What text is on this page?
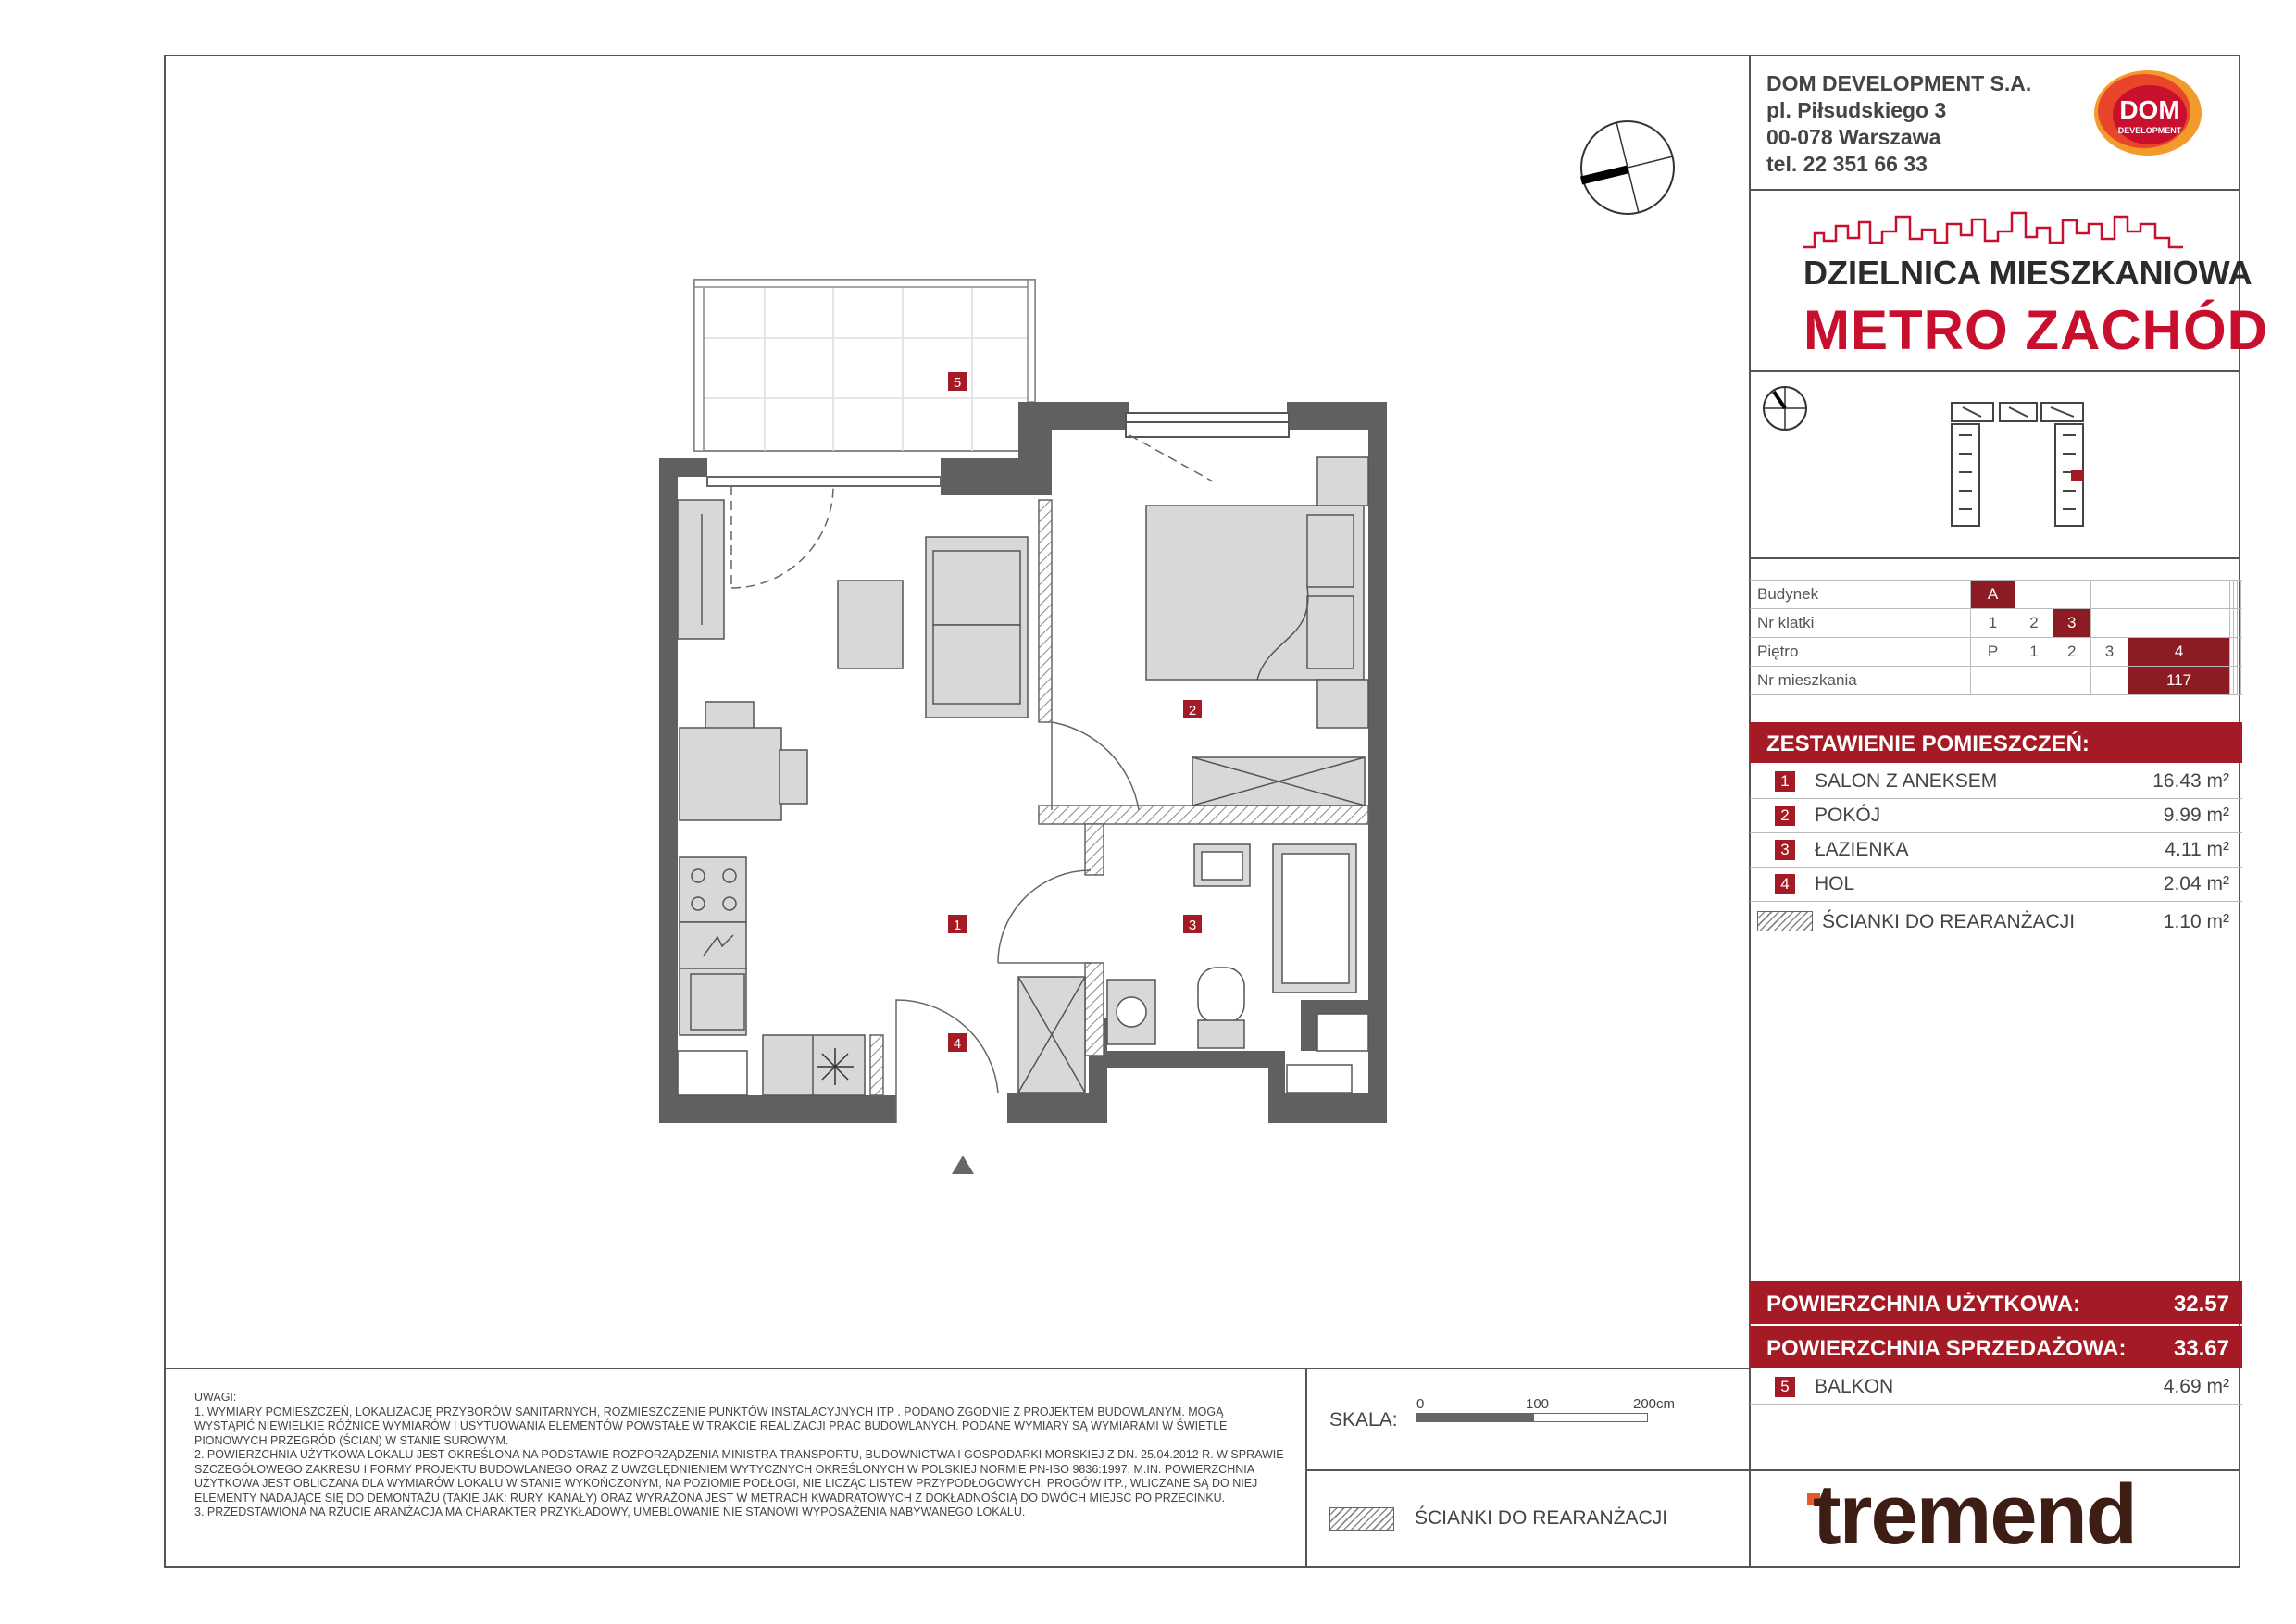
DOM DEVELOPMENT S.A.
pl. Piłsudskiego 3
00-078 Warszawa
tel. 22 351 66 33
DOM
DEVELOPMENT
DZIELNICA MIESZKANIOWA
METRO ZACHÓD
Budynek	A								
Nr klatki	1	2	3						
Piętro	P	1	2	3	4				
Nr mieszkania					117				
ZESTAWIENIE POMIESZCZEŃ:
1 SALON Z ANEKSEM	16.43 m²
2 POKÓJ	9.99 m²
3 ŁAZIENKA	4.11 m²
4 HOL	2.04 m²
ŚCIANKI DO REARANŻACJI	1.10 m²
POWIERZCHNIA UŻYTKOWA:	32.57
POWIERZCHNIA SPRZEDAŻOWA: 33.67
5 BALKON	4.69 m²
5
2
1	3
4

UWAGI:

1. WYMIARY POMIESZCZEŃ, LOKALIZACJĘ PRZYBORÓW SANITARNYCH, ROZMIESZCZENIE PUNKTÓW INSTALACYJNYCH ITP . PODANO ZGODNIE Z PROJEKTEM BUDOWLANYM. MOGĄ WYSTĄPIĆ NIEWIELKIE RÓŻNICE WYMIARÓW I USYTUOWANIA ELEMENTÓW POWSTAŁE W TRAKCIE REALIZACJI PRAC BUDOWLANYCH. PODANE WYMIARY SĄ WYMIARAMI W ŚWIETLE PIONOWYCH PRZEGRÓD (ŚCIAN) W STANIE SUROWYM.

2. POWIERZCHNIA UŻYTKOWA LOKALU JEST OKREŚLONA NA PODSTAWIE ROZPORZĄDZENIA MINISTRA TRANSPORTU, BUDOWNICTWA I GOSPODARKI MORSKIEJ Z DN. 25.04.2012 R. W SPRAWIE SZCZEGÓŁOWEGO ZAKRESU I FORMY PROJEKTU BUDOWLANEGO ORAZ Z UWZGLĘDNIENIEM WYTYCZNYCH OKREŚLONYCH W POLSKIEJ NORMIE PN-ISO 9836:1997, M.IN. POWIERZCHNIA UŻYTKOWA JEST OBLICZANA DLA WYMIARÓW LOKALU W STANIE WYKOŃCZONYM, NA POZIOMIE PODŁOGI, NIE LICZĄC LISTEW PRZYPODŁOGOWYCH, PROGÓW ITP., WLICZANE SĄ DO NIEJ ELEMENTY NADAJĄCE SIĘ DO DEMONTAŻU (TAKIE JAK: RURY, KANAŁY) ORAZ WYRAŻONA JEST W METRACH KWADRATOWYCH Z DOKŁADNOŚCIĄ DO DWÓCH MIEJSC PO PRZECINKU.

3. PRZEDSTAWIONA NA RZUCIE ARANŻACJA MA CHARAKTER PRZYKŁADOWY, UMEBLOWANIE NIE STANOWI WYPOSAŻENIA NABYWANEGO LOKALU.

SKALA:
0	100	200cm
ŚCIANKI DO REARANŻACJI tremend
